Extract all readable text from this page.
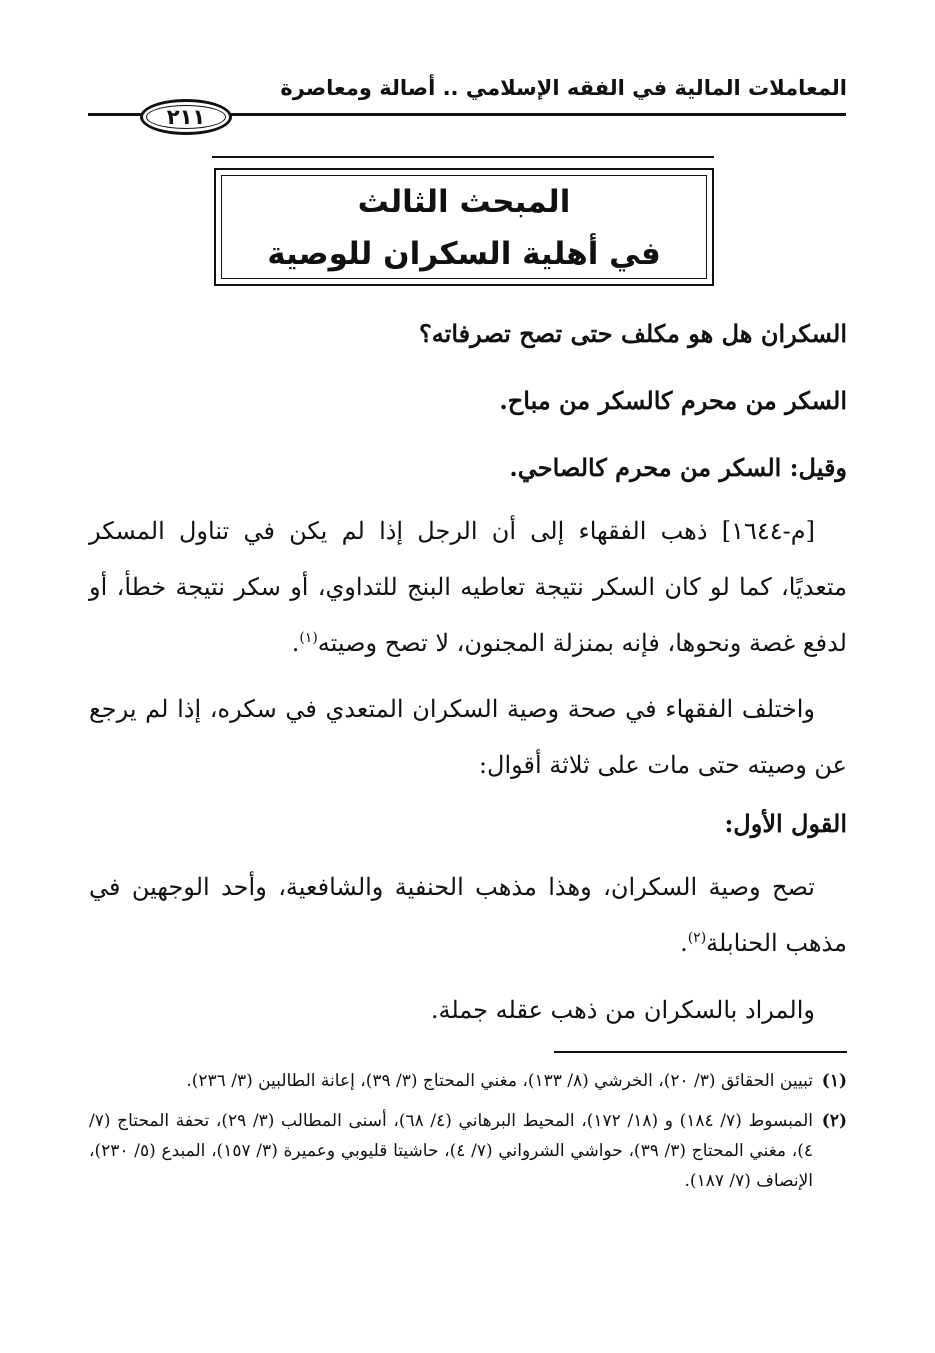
المعاملات المالية في الفقه الإسلامي .. أصالة ومعاصرة
٢١١
المبحث الثالث
في أهلية السكران للوصية
السكران هل هو مكلف حتى تصح تصرفاته؟
السكر من محرم كالسكر من مباح.
وقيل: السكر من محرم كالصاحي.
[م-١٦٤٤] ذهب الفقهاء إلى أن الرجل إذا لم يكن في تناول المسكر متعديًا، كما لو كان السكر نتيجة تعاطيه البنج للتداوي، أو سكر نتيجة خطأ، أو لدفع غصة ونحوها، فإنه بمنزلة المجنون، لا تصح وصيته$^{(١)}$.
واختلف الفقهاء في صحة وصية السكران المتعدي في سكره، إذا لم يرجع عن وصيته حتى مات على ثلاثة أقوال:
القول الأول:
تصح وصية السكران، وهذا مذهب الحنفية والشافعية، وأحد الوجهين في مذهب الحنابلة$^{(٢)}$.
والمراد بالسكران من ذهب عقله جملة.
(١)
تبيين الحقائق (٣/ ٢٠)، الخرشي (٨/ ١٣٣)، مغني المحتاج (٣/ ٣٩)، إعانة الطالبين (٣/ ٢٣٦).
(٢)
المبسوط (٧/ ١٨٤) و (١٨/ ١٧٢)، المحيط البرهاني (٤/ ٦٨)، أسنى المطالب (٣/ ٢٩)، تحفة المحتاج (٧/ ٤)، مغني المحتاج (٣/ ٣٩)، حواشي الشرواني (٧/ ٤)، حاشيتا قليوبي وعميرة (٣/ ١٥٧)، المبدع (٥/ ٢٣٠)، الإنصاف (٧/ ١٨٧).
